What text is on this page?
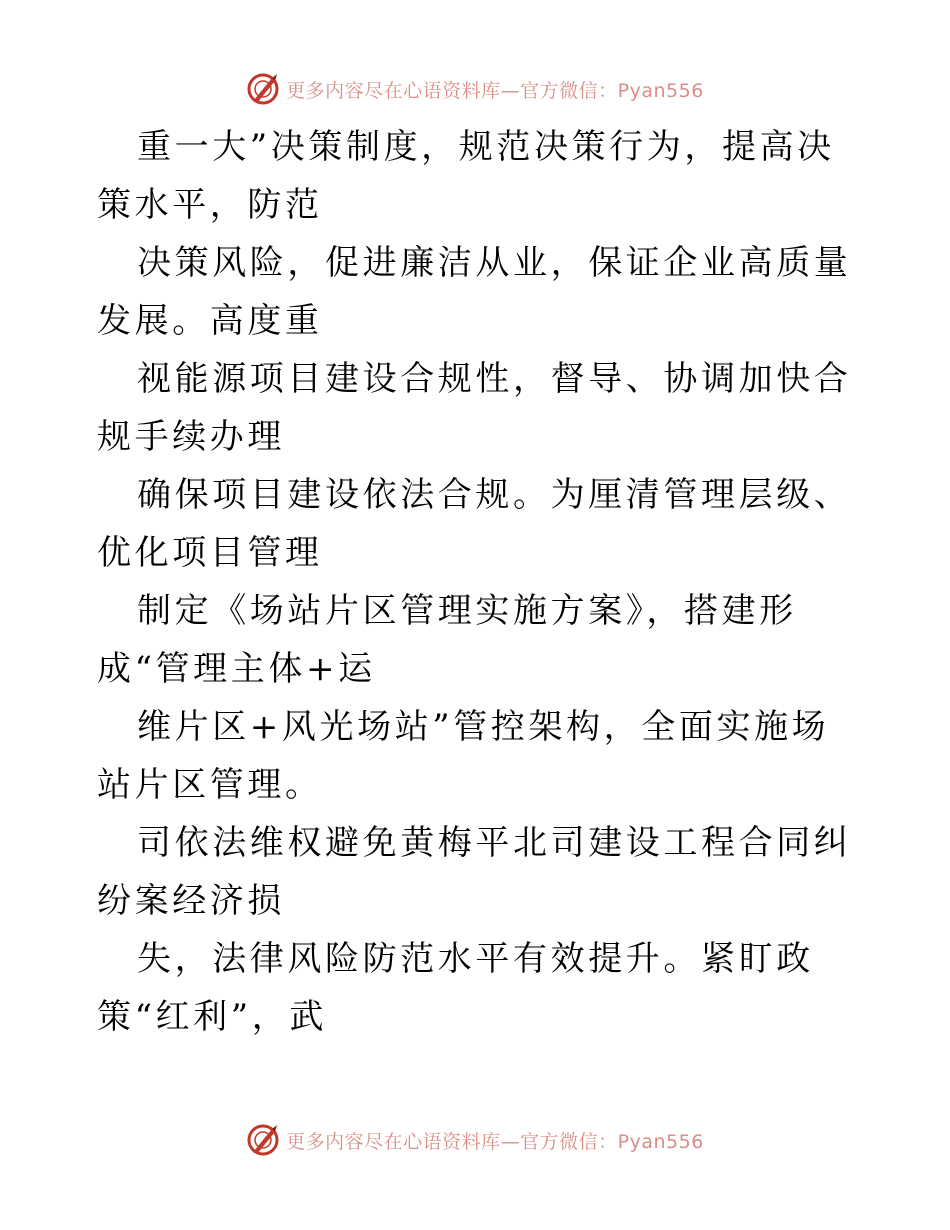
更多内容尽在心语资料库—官方微信：Pyan556

重一大”决策制度，规范决策行为，提高决策水平，防范

决策风险，促进廉洁从业，保证企业高质量发展。高度重

视能源项目建设合规性，督导、协调加快合规手续办理

确保项目建设依法合规。为厘清管理层级、优化项目管理

制定《场站片区管理实施方案》，搭建形成“管理主体+运

维片区+风光场站”管控架构，全面实施场站片区管理。

司依法维权避免黄梅平北司建设工程合同纠纷案经济损

失，法律风险防范水平有效提升。紧盯政策“红利”，武

更多内容尽在心语资料库—官方微信：Pyan556
